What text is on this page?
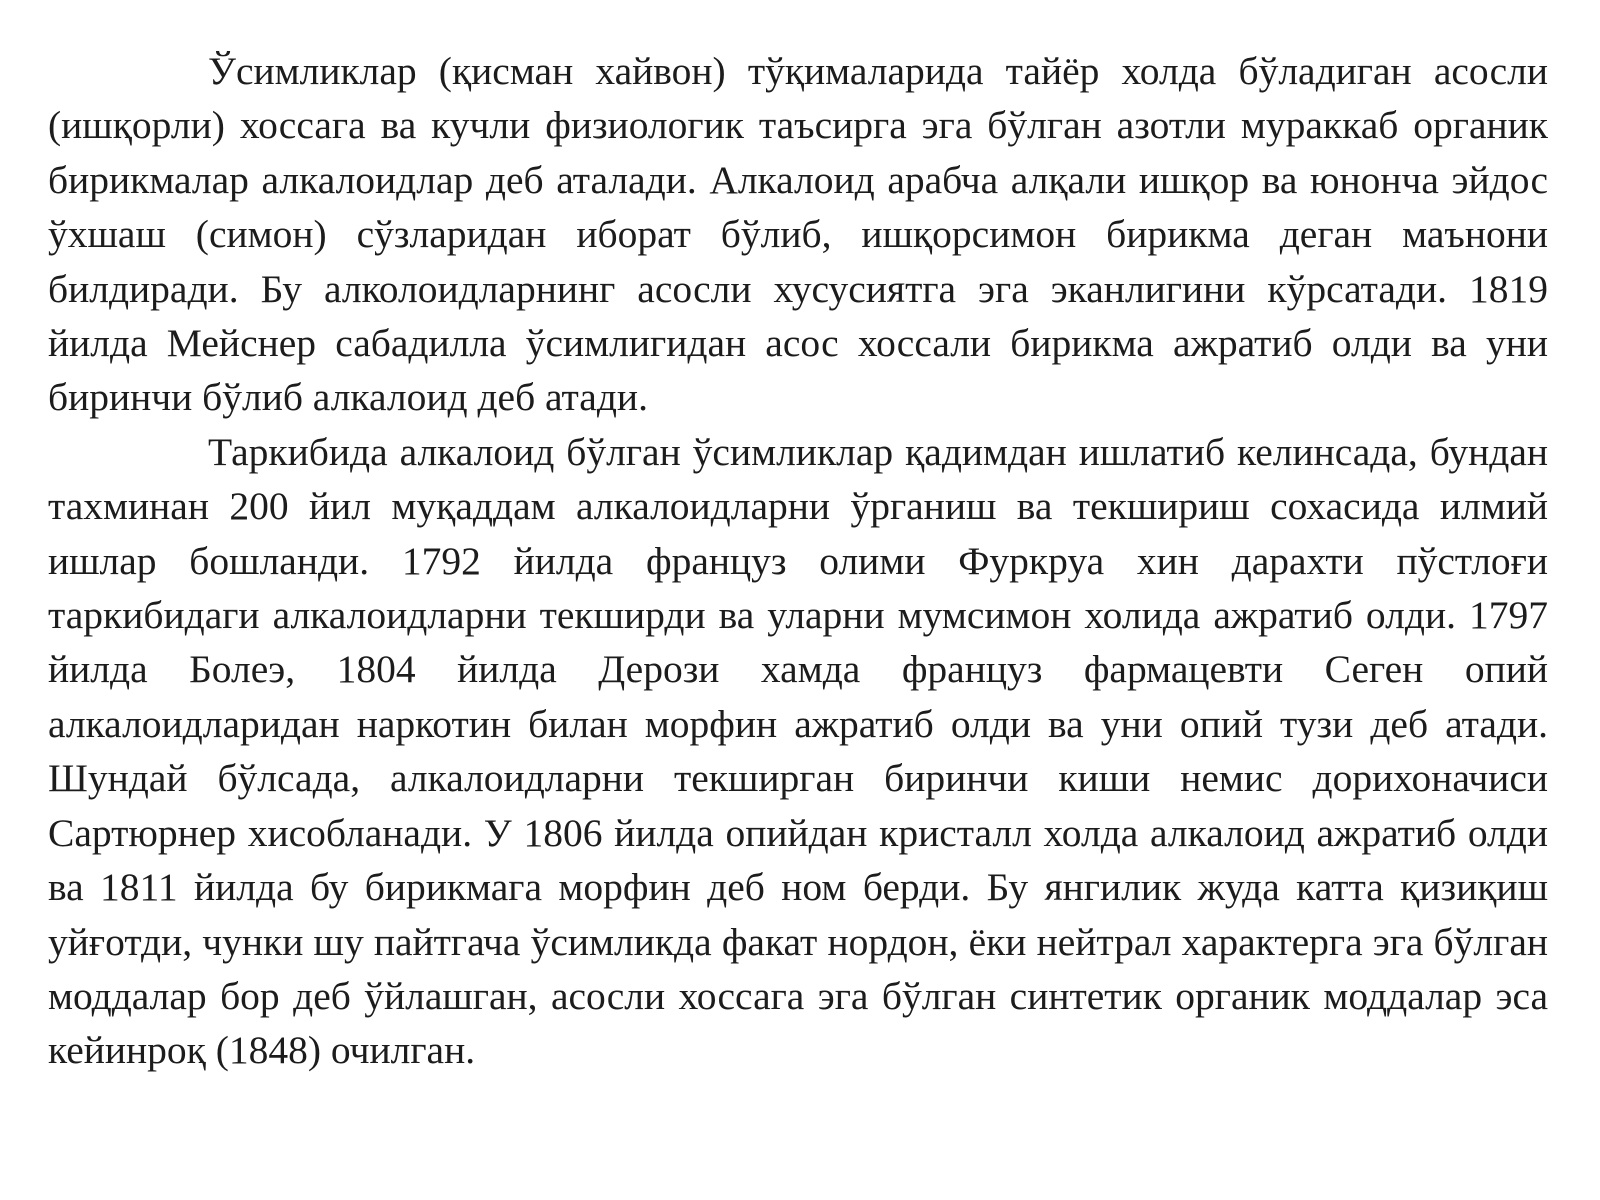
Ўсимликлар (қисман хайвон) тўқималарида тайёр холда бўладиган асосли (ишқорли) хоссага ва кучли физиологик таъсирга эга бўлган азотли мураккаб органик бирикмалар алкалоидлар деб аталади. Алкалоид арабча алқали ишқор ва юнонча эйдос ўхшаш (симон) сўзларидан иборат бўлиб, ишқорсимон бирикма деган маънони билдиради. Бу алколоидларнинг асосли хусусиятга эга эканлигини кўрсатади. 1819 йилда Мейснер сабадилла ўсимлигидан асос хоссали бирикма ажратиб олди ва уни биринчи бўлиб алкалоид деб атади.

Таркибида алкалоид бўлган ўсимликлар қадимдан ишлатиб келинсада, бундан тахминан 200 йил муқаддам алкалоидларни ўрганиш ва текшириш сохасида илмий ишлар бошланди. 1792 йилда француз олими Фуркруа хин дарахти пўстлоғи таркибидаги алкалоидларни текширди ва уларни мумсимон холида ажратиб олди. 1797 йилда Болеэ, 1804 йилда Дерози хамда француз фармацевти Сеген опий алкалоидларидан наркотин билан морфин ажратиб олди ва уни опий тузи деб атади. Шундай бўлсада, алкалоидларни текширган биринчи киши немис дорихоначиси Сартюрнер хисобланади. У 1806 йилда опийдан кристалл холда алкалоид ажратиб олди ва 1811 йилда бу бирикмага морфин деб ном берди. Бу янгилик жуда катта қизиқиш уйғотди, чунки шу пайтгача ўсимликда факат нордон, ёки нейтрал характерга эга бўлган моддалар бор деб ўйлашган, асосли хоссага эга бўлган синтетик органик моддалар эса кейинроқ (1848) очилган.
